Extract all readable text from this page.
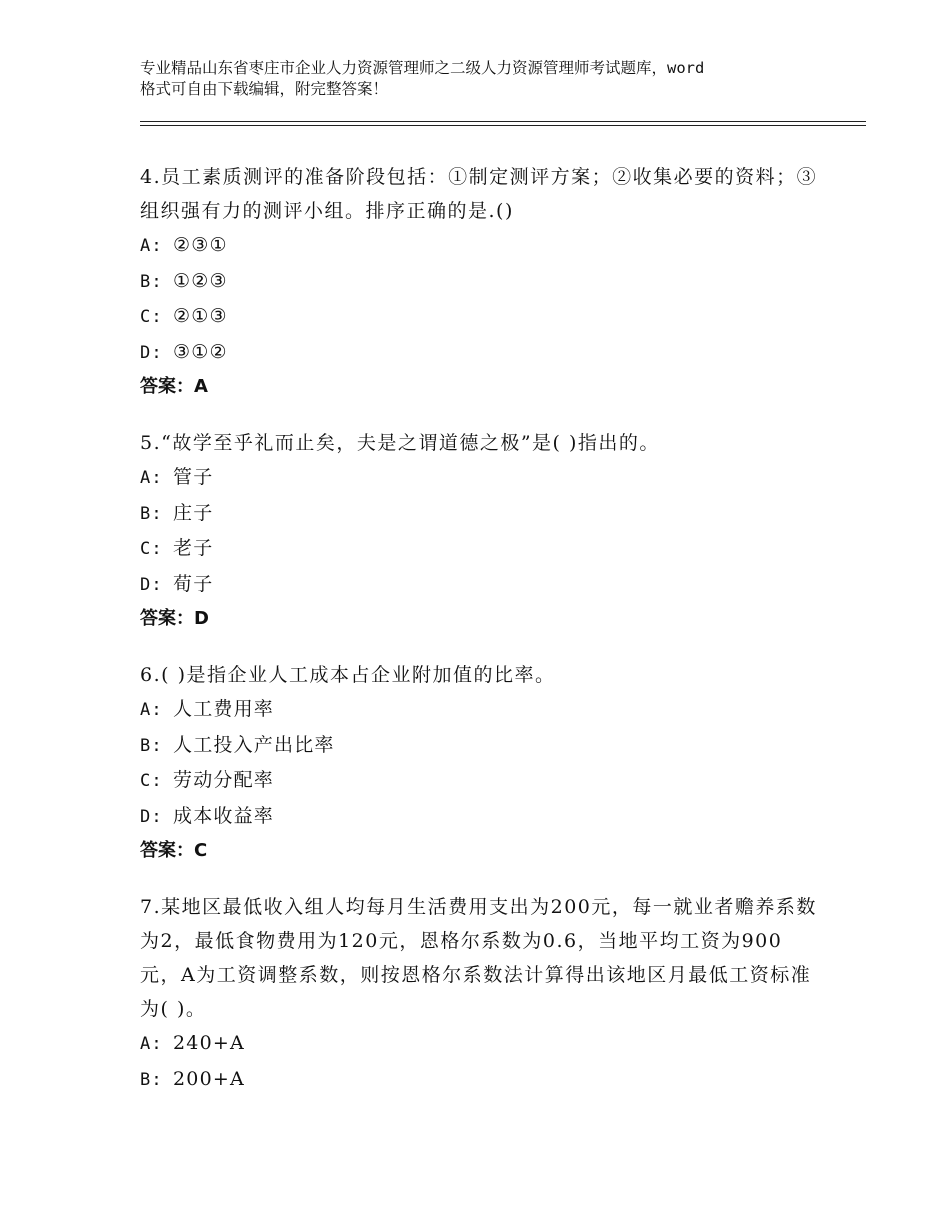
专业精品山东省枣庄市企业人力资源管理师之二级人力资源管理师考试题库，word
格式可自由下载编辑，附完整答案！

4.员工素质测评的准备阶段包括：①制定测评方案；②收集必要的资料；③组织强有力的测评小组。排序正确的是.()

A: ②③①

B: ①②③

C: ②①③

D: ③①②

答案：A

5.“故学至乎礼而止矣，夫是之谓道德之极”是( )指出的。

A: 管子

B: 庄子

C: 老子

D: 荀子

答案：D

6.( )是指企业人工成本占企业附加值的比率。

A: 人工费用率

B: 人工投入产出比率

C: 劳动分配率

D: 成本收益率

答案：C

7.某地区最低收入组人均每月生活费用支出为200元，每一就业者赡养系数为2，最低食物费用为120元，恩格尔系数为0.6，当地平均工资为900元，A为工资调整系数，则按恩格尔系数法计算得出该地区月最低工资标准为( )。

A: 240+A

B: 200+A
